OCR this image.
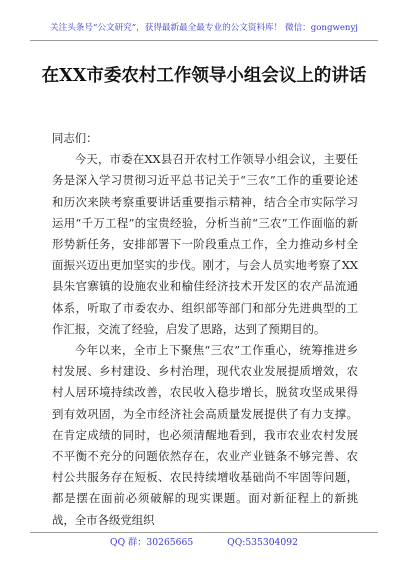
关注头条号“公文研究”，获得最新最全最专业的公文资料库！ 微信：gongwenyj
在XX市委农村工作领导小组会议上的讲话

同志们：

今天，市委在XX县召开农村工作领导小组会议，主要任务是深入学习贯彻习近平总书记关于“三农”工作的重要论述和历次来陕考察重要讲话重要指示精神，结合全市实际学习运用“千万工程”的宝贵经验，分析当前“三农”工作面临的新形势新任务，安排部署下一阶段重点工作，全力推动乡村全面振兴迈出更加坚实的步伐。刚才，与会人员实地考察了XX县朱官寨镇的设施农业和榆佳经济技术开发区的农产品流通体系，听取了市委农办、组织部等部门和部分先进典型的工作汇报，交流了经验，启发了思路，达到了预期目的。

今年以来，全市上下聚焦“三农”工作重心，统筹推进乡村发展、乡村建设、乡村治理，现代农业发展提质增效，农村人居环境持续改善，农民收入稳步增长，脱贫攻坚成果得到有效巩固，为全市经济社会高质量发展提供了有力支撑。在肯定成绩的同时，也必须清醒地看到，我市农业农村发展不平衡不充分的问题依然存在，农业产业链条不够完善、农村公共服务存在短板、农民持续增收基础尚不牢固等问题，都是摆在面前必须破解的现实课题。面对新征程上的新挑战，全市各级党组织

QQ 群：30265665	QQ:535304092
